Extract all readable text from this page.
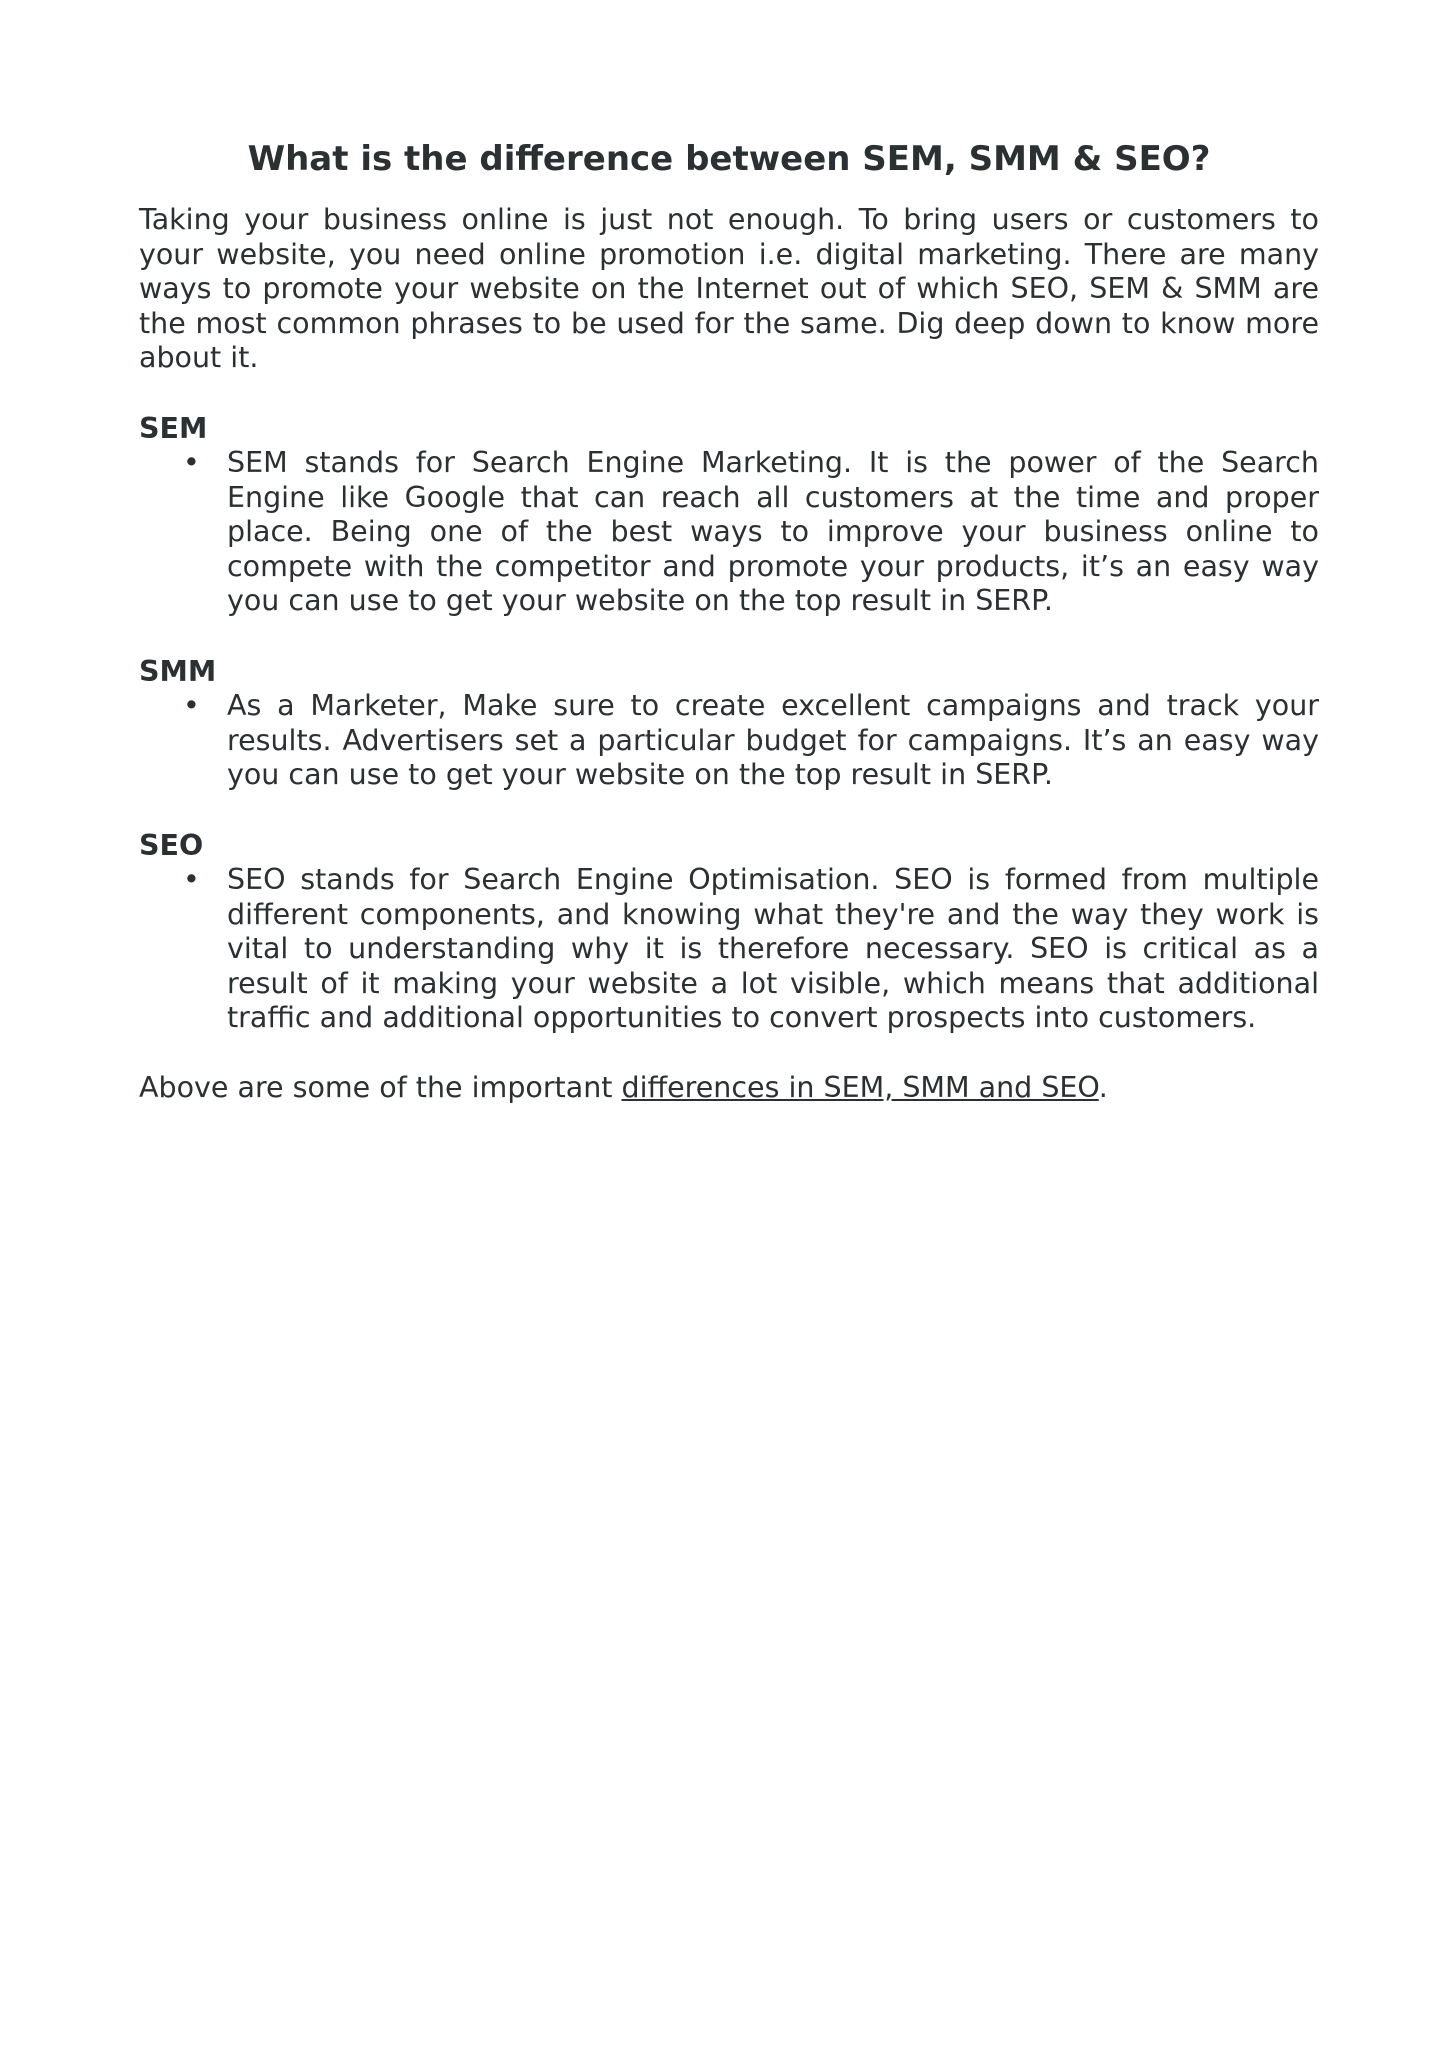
What is the difference between SEM, SMM & SEO?

Taking your business online is just not enough. To bring users or customers to your website, you need online promotion i.e. digital marketing. There are many ways to promote your website on the Internet out of which SEO, SEM & SMM are the most common phrases to be used for the same. Dig deep down to know more about it.

SEM
• SEM stands for Search Engine Marketing. It is the power of the Search Engine like Google that can reach all customers at the time and proper place. Being one of the best ways to improve your business online to compete with the competitor and promote your products, it’s an easy way you can use to get your website on the top result in SERP.
SMM
• As a Marketer, Make sure to create excellent campaigns and track your results. Advertisers set a particular budget for campaigns. It’s an easy way you can use to get your website on the top result in SERP.
SEO
• SEO stands for Search Engine Optimisation. SEO is formed from multiple different components, and knowing what they're and the way they work is vital to understanding why it is therefore necessary. SEO is critical as a result of it making your website a lot visible, which means that additional traffic and additional opportunities to convert prospects into customers.

Above are some of the important differences in SEM, SMM and SEO.
